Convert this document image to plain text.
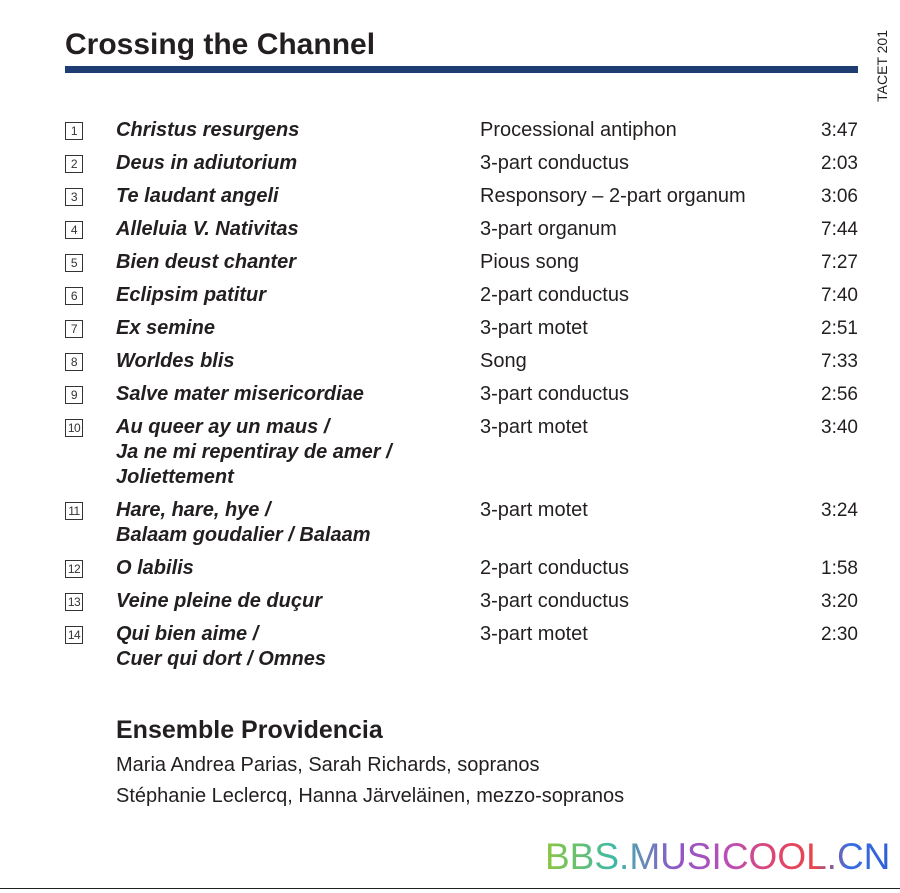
Crossing the Channel	TACET 201
1 Christus resurgens	Processional antiphon	3:47
2 Deus in adiutorium	3-part conductus	2:03
3 Te laudant angeli	Responsory – 2-part organum	3:06
4 Alleluia V. Nativitas	3-part organum	7:44
5 Bien deust chanter	Pious song	7:27
6 Eclipsim patitur	2-part conductus	7:40
7 Ex semine	3-part motet	2:51
8 Worldes blis	Song	7:33
9 Salve mater misericordiae	3-part conductus	2:56
10 Au queer ay un maus /
Ja ne mi repentiray de amer /
Joliettement
3-part motet	3:40
11 Hare, hare, hye /
Balaam goudalier / Balaam
3-part motet	3:24
12 O labilis	2-part conductus	1:58
13 Veine pleine de duçur	3-part conductus	3:20
14 Qui bien aime /
Cuer qui dort / Omnes
3-part motet	2:30
Ensemble Providencia
Maria Andrea Parias, Sarah Richards, sopranos
Stéphanie Leclercq, Hanna Järveläinen, mezzo-sopranos
BBS.MUSICOOL.CN
